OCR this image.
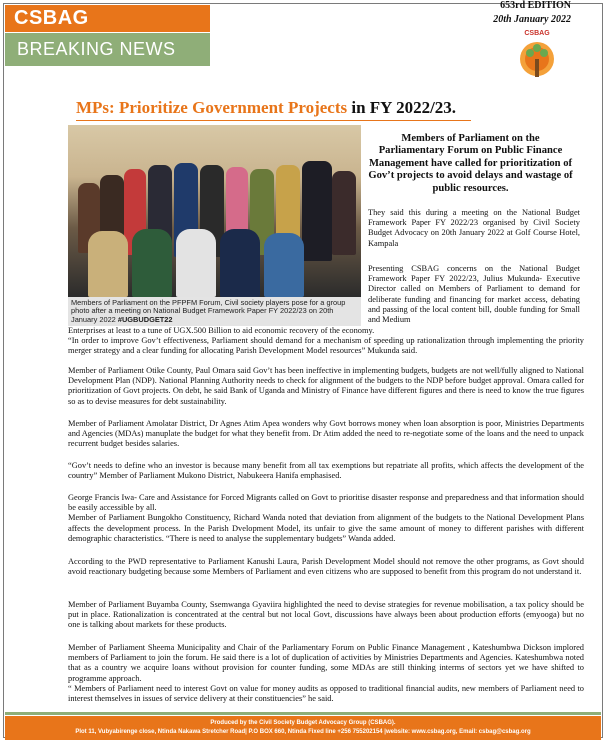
CSBAG
BREAKING NEWS
653rd EDITION
20th January 2022
CSBAG
MPs: Prioritize Government Projects in FY 2022/23.
Members of Parliament on the PFPFM Forum, Civil society players pose for a group photo after a meeting on National Budget Framework Paper FY 2022/23 on 20th January 2022 #UGBUDGET22
Members of Parliament on the Parliamentary Forum on Public Finance Management have called for prioritization of Gov’t projects to avoid delays and wastage of public resources.
They said this during a meeting on the National Budget Framework Paper FY 2022/23 organised by Civil Society Budget Advocacy on 20th January 2022 at Golf Course Hotel, Kampala
Presenting CSBAG concerns on the National Budget Framework Paper FY 2022/23, Julius Mukunda- Executive Director called on Members of Parliament to demand for deliberate funding and financing for market access, debating and passing of the local content bill, double funding for Small and Medium
Enterprises at least to a tune of UGX.500 Billion to aid economic recovery of the economy.
“In order to improve Gov’t effectiveness, Parliament should demand for a mechanism of speeding up rationalization through implementing the priority merger strategy and a clear funding for allocating Parish Development Model resources” Mukunda said.
Member of Parliament Otike County, Paul Omara said Gov’t has been ineffective in implementing budgets, budgets are not well/fully aligned to National Development Plan (NDP). National Planning Authority needs to check for alignment of the budgets to the NDP before budget approval. Omara called for prioritization of Govt projects. On debt, he said Bank of Uganda and Ministry of Finance have different figures and there is need to know the true figures so as to devise measures for debt sustainability.
Member of Parliament Amolatar District, Dr Agnes Atim Apea wonders why Govt borrows money when loan absorption is poor, Ministries Departments and Agencies (MDAs) manuplate the budget for what they benefit from. Dr Atim added the need to re-negotiate some of the loans and the need to unpack recurrent budget besides salaries.
“Gov’t needs to define who an investor is because many benefit from all tax exemptions but repatriate all profits, which affects the development of the country” Member of Parliament Mukono District, Nabukeera Hanifa emphasised.
George Francis Iwa- Care and Assistance for Forced Migrants called on Govt to prioritise disaster response and preparedness and that information should be easily accessible by all.
Member of Parliament Bungokho Constituency, Richard Wanda noted that deviation from alignment of the budgets to the National Development Plans affects the development process. In the Parish Dvelopment Model, its unfair to give the same amount of money to different parishes with different demographic characteristics. “There is need to analyse the supplementary budgets” Wanda added.
According to the PWD representative to Parliament Kanushi Laura, Parish Development Model should not remove the other programs, as Govt should avoid reactionary budgeting because some Members of Parliament and even citizens who are supposed to benefit from this program do not understand it.
Member of Parliament Buyamba County, Ssemwanga Gyaviira highlighted the need to devise strategies for revenue mobilisation, a tax policy should be put in place. Rationalization is concentrated at the central but not local Govt, discussions have always been about production efforts (emyooga) but no one is talking about markets for these products.
Member of Parliament Sheema Municipality and Chair of the Parliamentary Forum on Public Finance Management , Kateshumbwa Dickson implored members of Parliament to join the forum. He said there is a lot of duplication of activities by Ministries Departments and Agencies. Kateshumbwa noted that as a country we acquire loans without provision for counter funding, some MDAs are still thinking interms of sectors yet we have shifted to programme approach.
“ Members of Parliament need to interest Govt on value for money audits as opposed to traditional financial audits, new members of Parliament need to interest themselves in issues of service delivery at their constituencies” he said.
Produced by the Civil Society Budget Advocacy Group (CSBAG).
Plot 11, Vubyabirenge close, Ntinda Nakawa Stretcher Road| P.O BOX 660, Ntinda Fixed line +256 755202154 |website: www.csbag.org, Email: csbag@csbag.org
